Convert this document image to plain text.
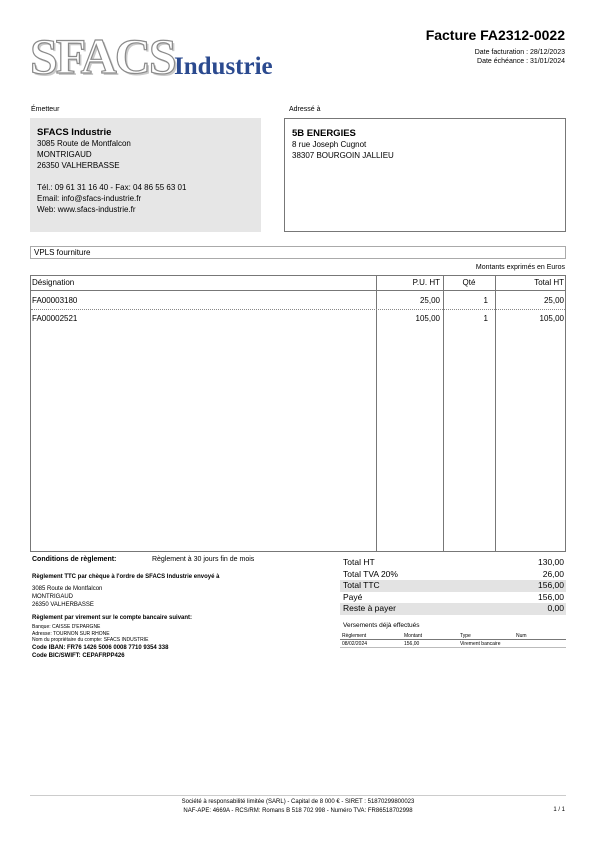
SFACS Industrie
Facture FA2312-0022
Date facturation : 28/12/2023
Date échéance : 31/01/2024
Émetteur	Adressé à
SFACS Industrie
3085 Route de Montfalcon
MONTRIGAUD
26350 VALHERBASSE
Tél.: 09 61 31 16 40 - Fax: 04 86 55 63 01
Email: info@sfacs-industrie.fr
Web: www.sfacs-industrie.fr
5B ENERGIES
8 rue Joseph Cugnot
38307 BOURGOIN JALLIEU
VPLS fourniture
Montants exprimés en Euros
Désignation	P.U. HT	Qté	Total HT
FA00003180	25,00	1	25,00
FA00002521	105,00	1	105,00
Conditions de règlement:	Règlement à 30 jours fin de mois
Règlement TTC par chèque à l'ordre de SFACS Industrie envoyé à
3085 Route de Montfalcon
MONTRIGAUD
26350 VALHERBASSE
Règlement par virement sur le compte bancaire suivant:
Banque: CAISSE D'EPARGNE
Adresse: TOURNON SUR RHONE
Nom du propriétaire du compte: SFACS INDUSTRIE
Code IBAN: FR76 1426 5006 0008 7710 9354 338
Code BIC/SWIFT: CEPAFRPP426
Total HT	130,00
Total TVA 20%	26,00
Total TTC	156,00
Payé	156,00
Reste à payer	0,00
Versements déjà effectués
Règlement	Montant	Type	Num
08/02/2024	156,00	Virement bancaire	
Société à responsabilité limitée (SARL) - Capital de 8 000 € - SIRET : 51870299800023
NAF-APE: 4669A - RCS/RM: Romans B 518 702 998 - Numéro TVA: FR86518702998	1 / 1
